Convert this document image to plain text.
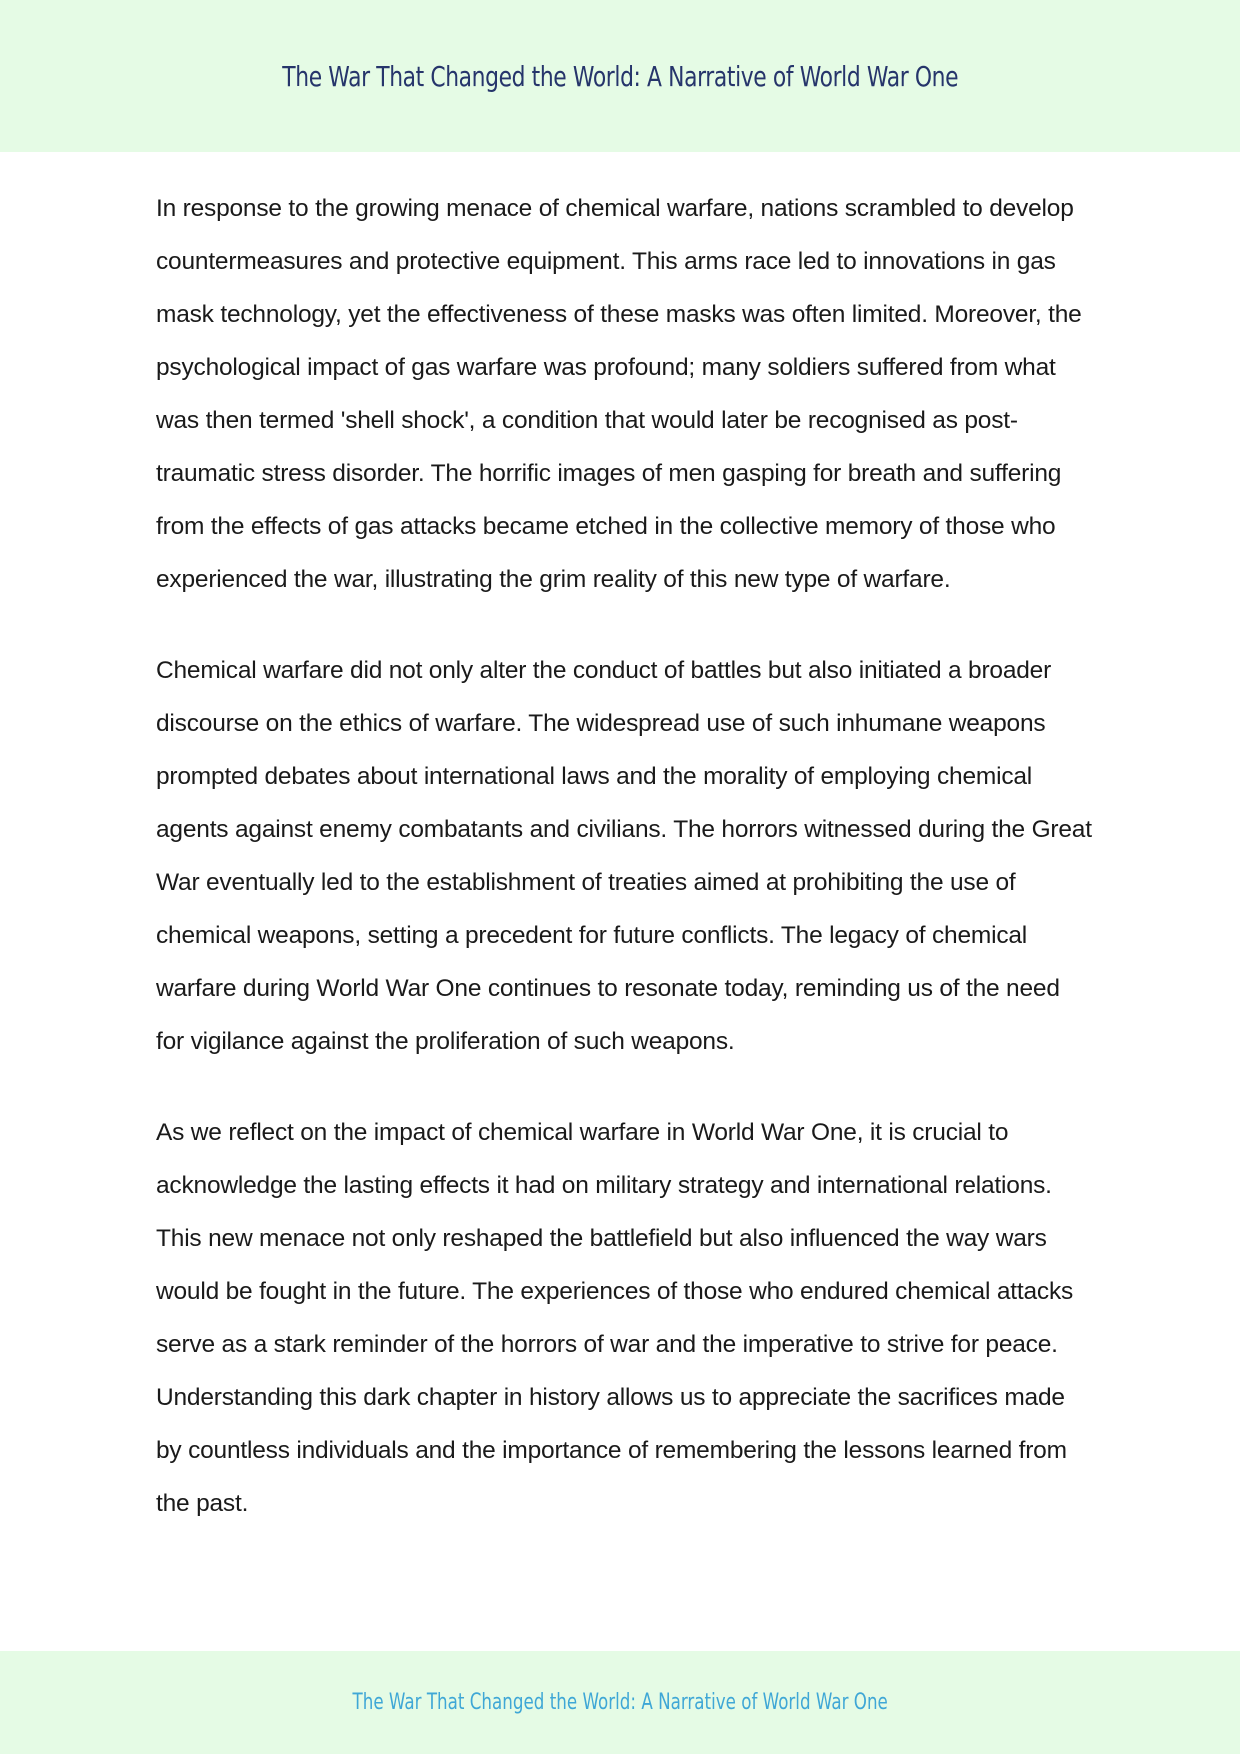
The War That Changed the World: A Narrative of World War One

In response to the growing menace of chemical warfare, nations scrambled to develop countermeasures and protective equipment. This arms race led to innovations in gas mask technology, yet the effectiveness of these masks was often limited. Moreover, the psychological impact of gas warfare was profound; many soldiers suffered from what was then termed 'shell shock', a condition that would later be recognised as post-traumatic stress disorder. The horrific images of men gasping for breath and suffering from the effects of gas attacks became etched in the collective memory of those who experienced the war, illustrating the grim reality of this new type of warfare.

Chemical warfare did not only alter the conduct of battles but also initiated a broader discourse on the ethics of warfare. The widespread use of such inhumane weapons prompted debates about international laws and the morality of employing chemical agents against enemy combatants and civilians. The horrors witnessed during the Great War eventually led to the establishment of treaties aimed at prohibiting the use of chemical weapons, setting a precedent for future conflicts. The legacy of chemical warfare during World War One continues to resonate today, reminding us of the need for vigilance against the proliferation of such weapons.

As we reflect on the impact of chemical warfare in World War One, it is crucial to acknowledge the lasting effects it had on military strategy and international relations. This new menace not only reshaped the battlefield but also influenced the way wars would be fought in the future. The experiences of those who endured chemical attacks serve as a stark reminder of the horrors of war and the imperative to strive for peace. Understanding this dark chapter in history allows us to appreciate the sacrifices made by countless individuals and the importance of remembering the lessons learned from the past.

The War That Changed the World: A Narrative of World War One
